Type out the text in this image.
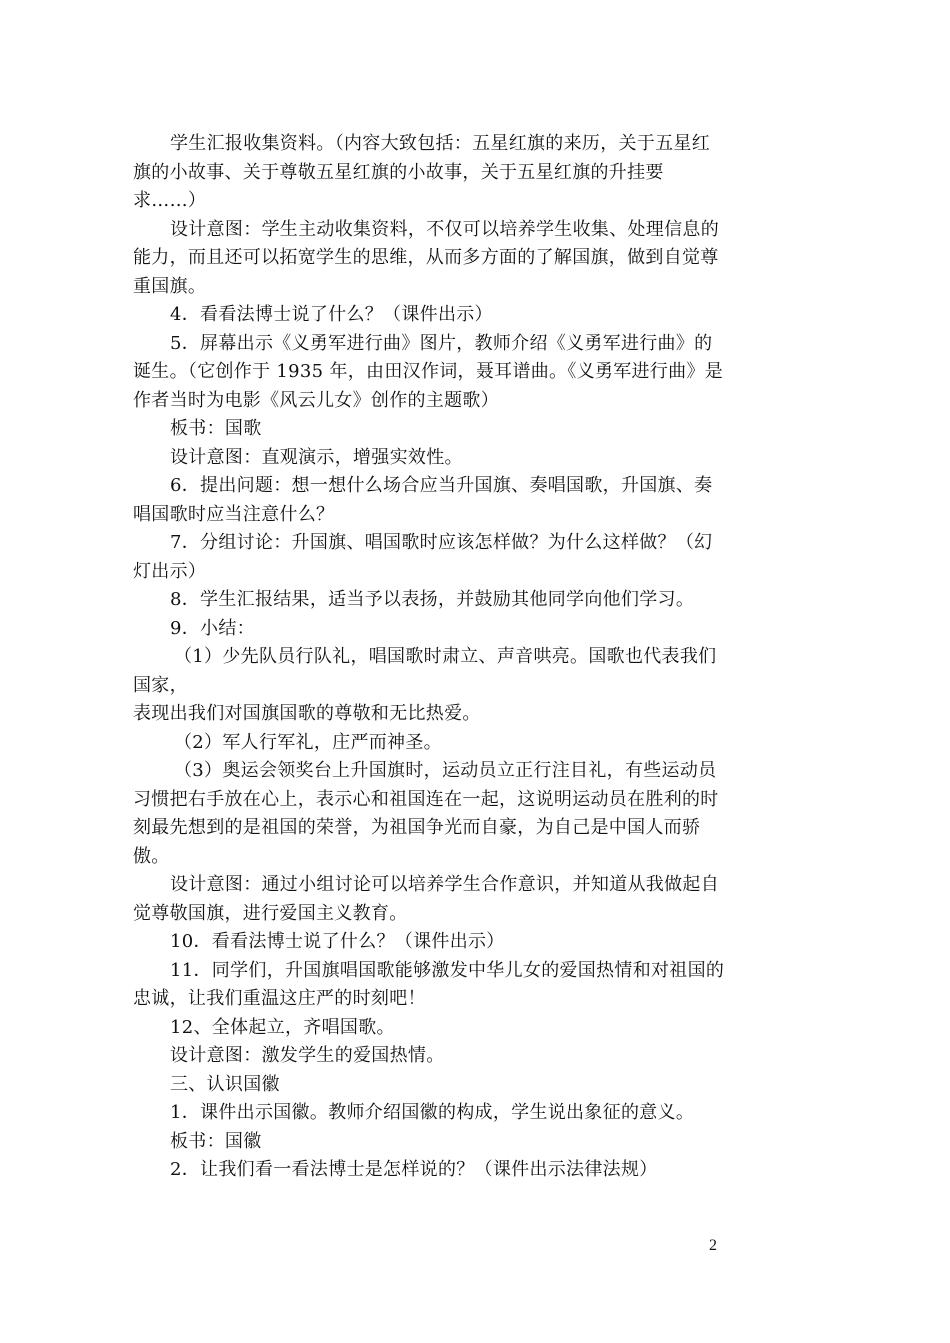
学生汇报收集资料。（内容大致包括：五星红旗的来历，关于五星红旗的小故事、关于尊敬五星红旗的小故事，关于五星红旗的升挂要求……）

设计意图：学生主动收集资料，不仅可以培养学生收集、处理信息的能力，而且还可以拓宽学生的思维，从而多方面的了解国旗，做到自觉尊重国旗。

4．看看法博士说了什么？（课件出示）

5．屏幕出示《义勇军进行曲》图片，教师介绍《义勇军进行曲》的诞生。（它创作于 1935 年，由田汉作词，聂耳谱曲。《义勇军进行曲》是作者当时为电影《风云儿女》创作的主题歌）

板书：国歌

设计意图：直观演示，增强实效性。

6．提出问题：想一想什么场合应当升国旗、奏唱国歌，升国旗、奏唱国歌时应当注意什么？

7．分组讨论：升国旗、唱国歌时应该怎样做？为什么这样做？（幻灯出示）

8．学生汇报结果，适当予以表扬，并鼓励其他同学向他们学习。

9．小结：

（1）少先队员行队礼，唱国歌时肃立、声音哄亮。国歌也代表我们国家，

表现出我们对国旗国歌的尊敬和无比热爱。

（2）军人行军礼，庄严而神圣。

（3）奥运会领奖台上升国旗时，运动员立正行注目礼，有些运动员习惯把右手放在心上，表示心和祖国连在一起，这说明运动员在胜利的时刻最先想到的是祖国的荣誉，为祖国争光而自豪，为自己是中国人而骄傲。

设计意图：通过小组讨论可以培养学生合作意识，并知道从我做起自觉尊敬国旗，进行爱国主义教育。

10．看看法博士说了什么？（课件出示）

11．同学们，升国旗唱国歌能够激发中华儿女的爱国热情和对祖国的忠诚，让我们重温这庄严的时刻吧！

12、全体起立，齐唱国歌。

设计意图：激发学生的爱国热情。

三、认识国徽

1．课件出示国徽。教师介绍国徽的构成，学生说出象征的意义。

板书：国徽

2．让我们看一看法博士是怎样说的？（课件出示法律法规）

2
